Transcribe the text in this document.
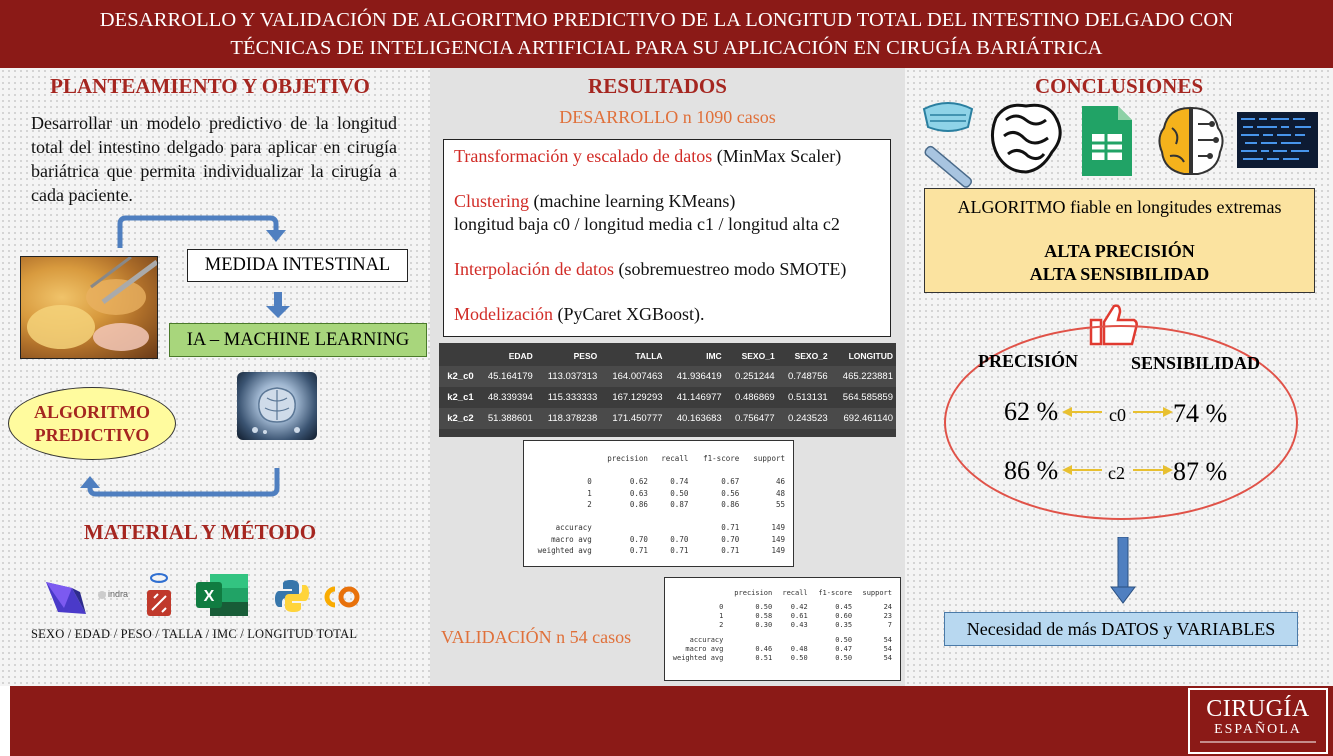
DESARROLLO Y VALIDACIÓN DE ALGORITMO PREDICTIVO DE LA LONGITUD TOTAL DEL INTESTINO DELGADO CON
TÉCNICAS DE INTELIGENCIA ARTIFICIAL PARA SU APLICACIÓN EN CIRUGÍA BARIÁTRICA
PLANTEAMIENTO Y OBJETIVO
Desarrollar un modelo predictivo de la longitud total del intestino delgado para aplicar en cirugía bariátrica que permita individualizar la cirugía a cada paciente.
MEDIDA INTESTINAL
IA – MACHINE LEARNING
ALGORITMO
PREDICTIVO
MATERIAL Y MÉTODO
indra	X
SEXO / EDAD / PESO / TALLA / IMC / LONGITUD TOTAL
RESULTADOS
DESARROLLO n 1090 casos
Transformación y escalado de datos (MinMax Scaler)
Clustering (machine learning KMeans)
longitud baja c0 / longitud media c1 / longitud alta c2
Interpolación de datos (sobremuestreo modo SMOTE)
Modelización (PyCaret XGBoost).
	EDAD	PESO	TALLA	IMC	SEXO_1	SEXO_2	LONGITUD
k2_c0	45.164179	113.037313	164.007463	41.936419	0.251244	0.748756	465.223881
k2_c1	48.339394	115.333333	167.129293	41.146977	0.486869	0.513131	564.585859
k2_c2	51.388601	118.378238	171.450777	40.163683	0.756477	0.243523	692.461140
	precision	recall	f1-score	support

0	0.62	0.74	0.67	46
1	0.63	0.50	0.56	48
2	0.86	0.87	0.86	55

accuracy			0.71	149
macro avg	0.70	0.70	0.70	149
weighted avg	0.71	0.71	0.71	149
VALIDACIÓN n 54 casos
	precision	recall	f1-score	support

0	0.50	0.42	0.45	24
1	0.58	0.61	0.60	23
2	0.30	0.43	0.35	7

accuracy			0.50	54
macro avg	0.46	0.48	0.47	54
weighted avg	0.51	0.50	0.50	54
CONCLUSIONES
ALGORITMO fiable en longitudes extremas
ALTA PRECISIÓN
ALTA SENSIBILIDAD
PRECISIÓN	SENSIBILIDAD
62 %	c0 74 %
86 %	c2 87 %
Necesidad de más DATOS y VARIABLES
CIRUGÍA
ESPAÑOLA
